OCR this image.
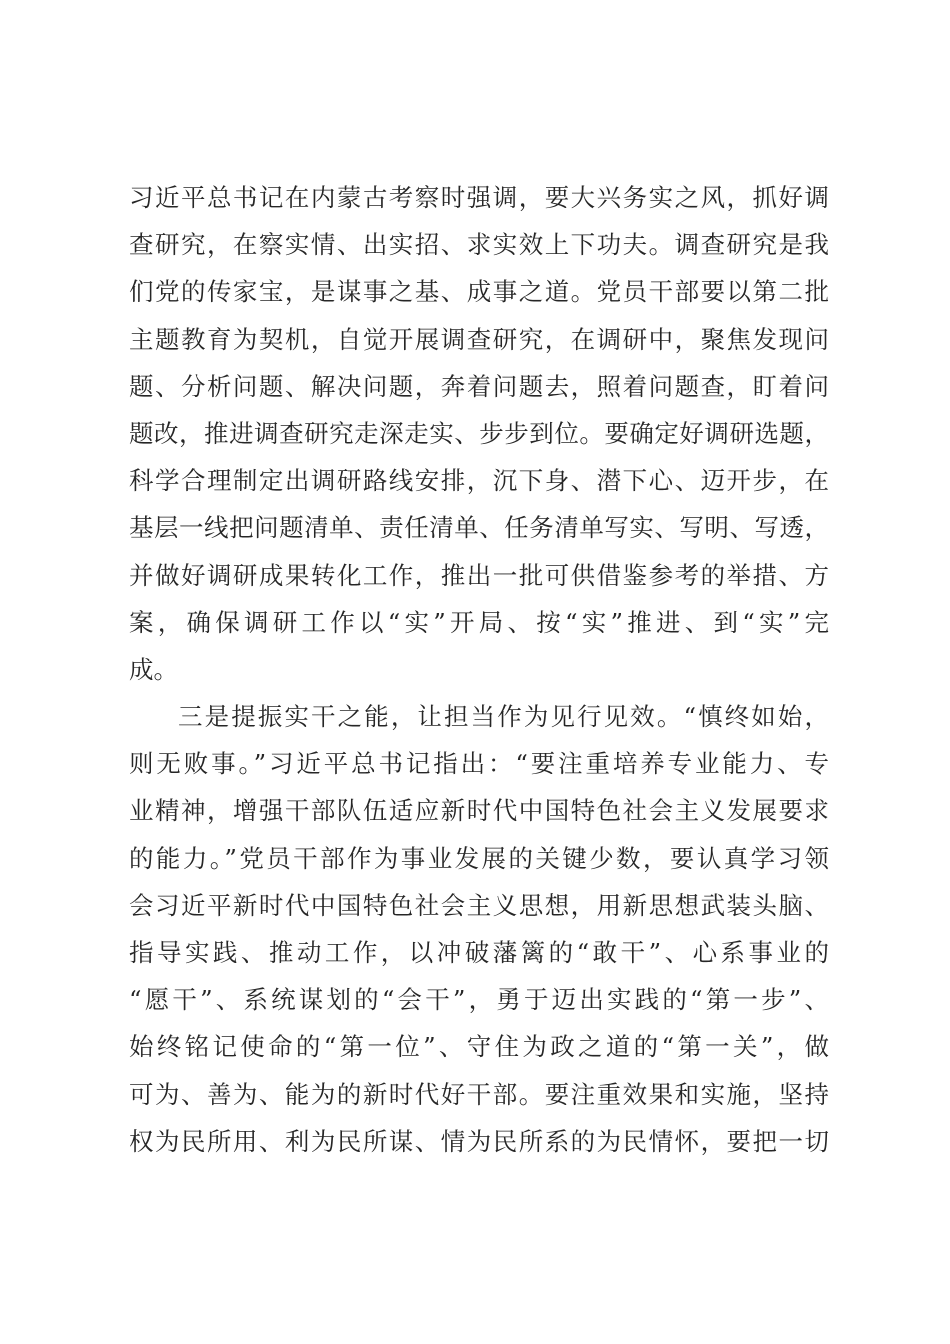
习近平总书记在内蒙古考察时强调，要大兴务实之风，抓好调
查研究，在察实情、出实招、求实效上下功夫。调查研究是我
们党的传家宝，是谋事之基、成事之道。党员干部要以第二批
主题教育为契机，自觉开展调查研究，在调研中，聚焦发现问
题、分析问题、解决问题，奔着问题去，照着问题查，盯着问
题改，推进调查研究走深走实、步步到位。要确定好调研选题，
科学合理制定出调研路线安排，沉下身、潜下心、迈开步，在
基层一线把问题清单、责任清单、任务清单写实、写明、写透，
并做好调研成果转化工作，推出一批可供借鉴参考的举措、方
案，确保调研工作以“实”开局、按“实”推进、到“实”完
成。
三是提振实干之能，让担当作为见行见效。“慎终如始，
则无败事。”习近平总书记指出：“要注重培养专业能力、专
业精神，增强干部队伍适应新时代中国特色社会主义发展要求
的能力。”党员干部作为事业发展的关键少数，要认真学习领
会习近平新时代中国特色社会主义思想，用新思想武装头脑、
指导实践、推动工作，以冲破藩篱的“敢干”、心系事业的
“愿干”、系统谋划的“会干”，勇于迈出实践的“第一步”、
始终铭记使命的“第一位”、守住为政之道的“第一关”，做
可为、善为、能为的新时代好干部。要注重效果和实施，坚持
权为民所用、利为民所谋、情为民所系的为民情怀，要把一切
